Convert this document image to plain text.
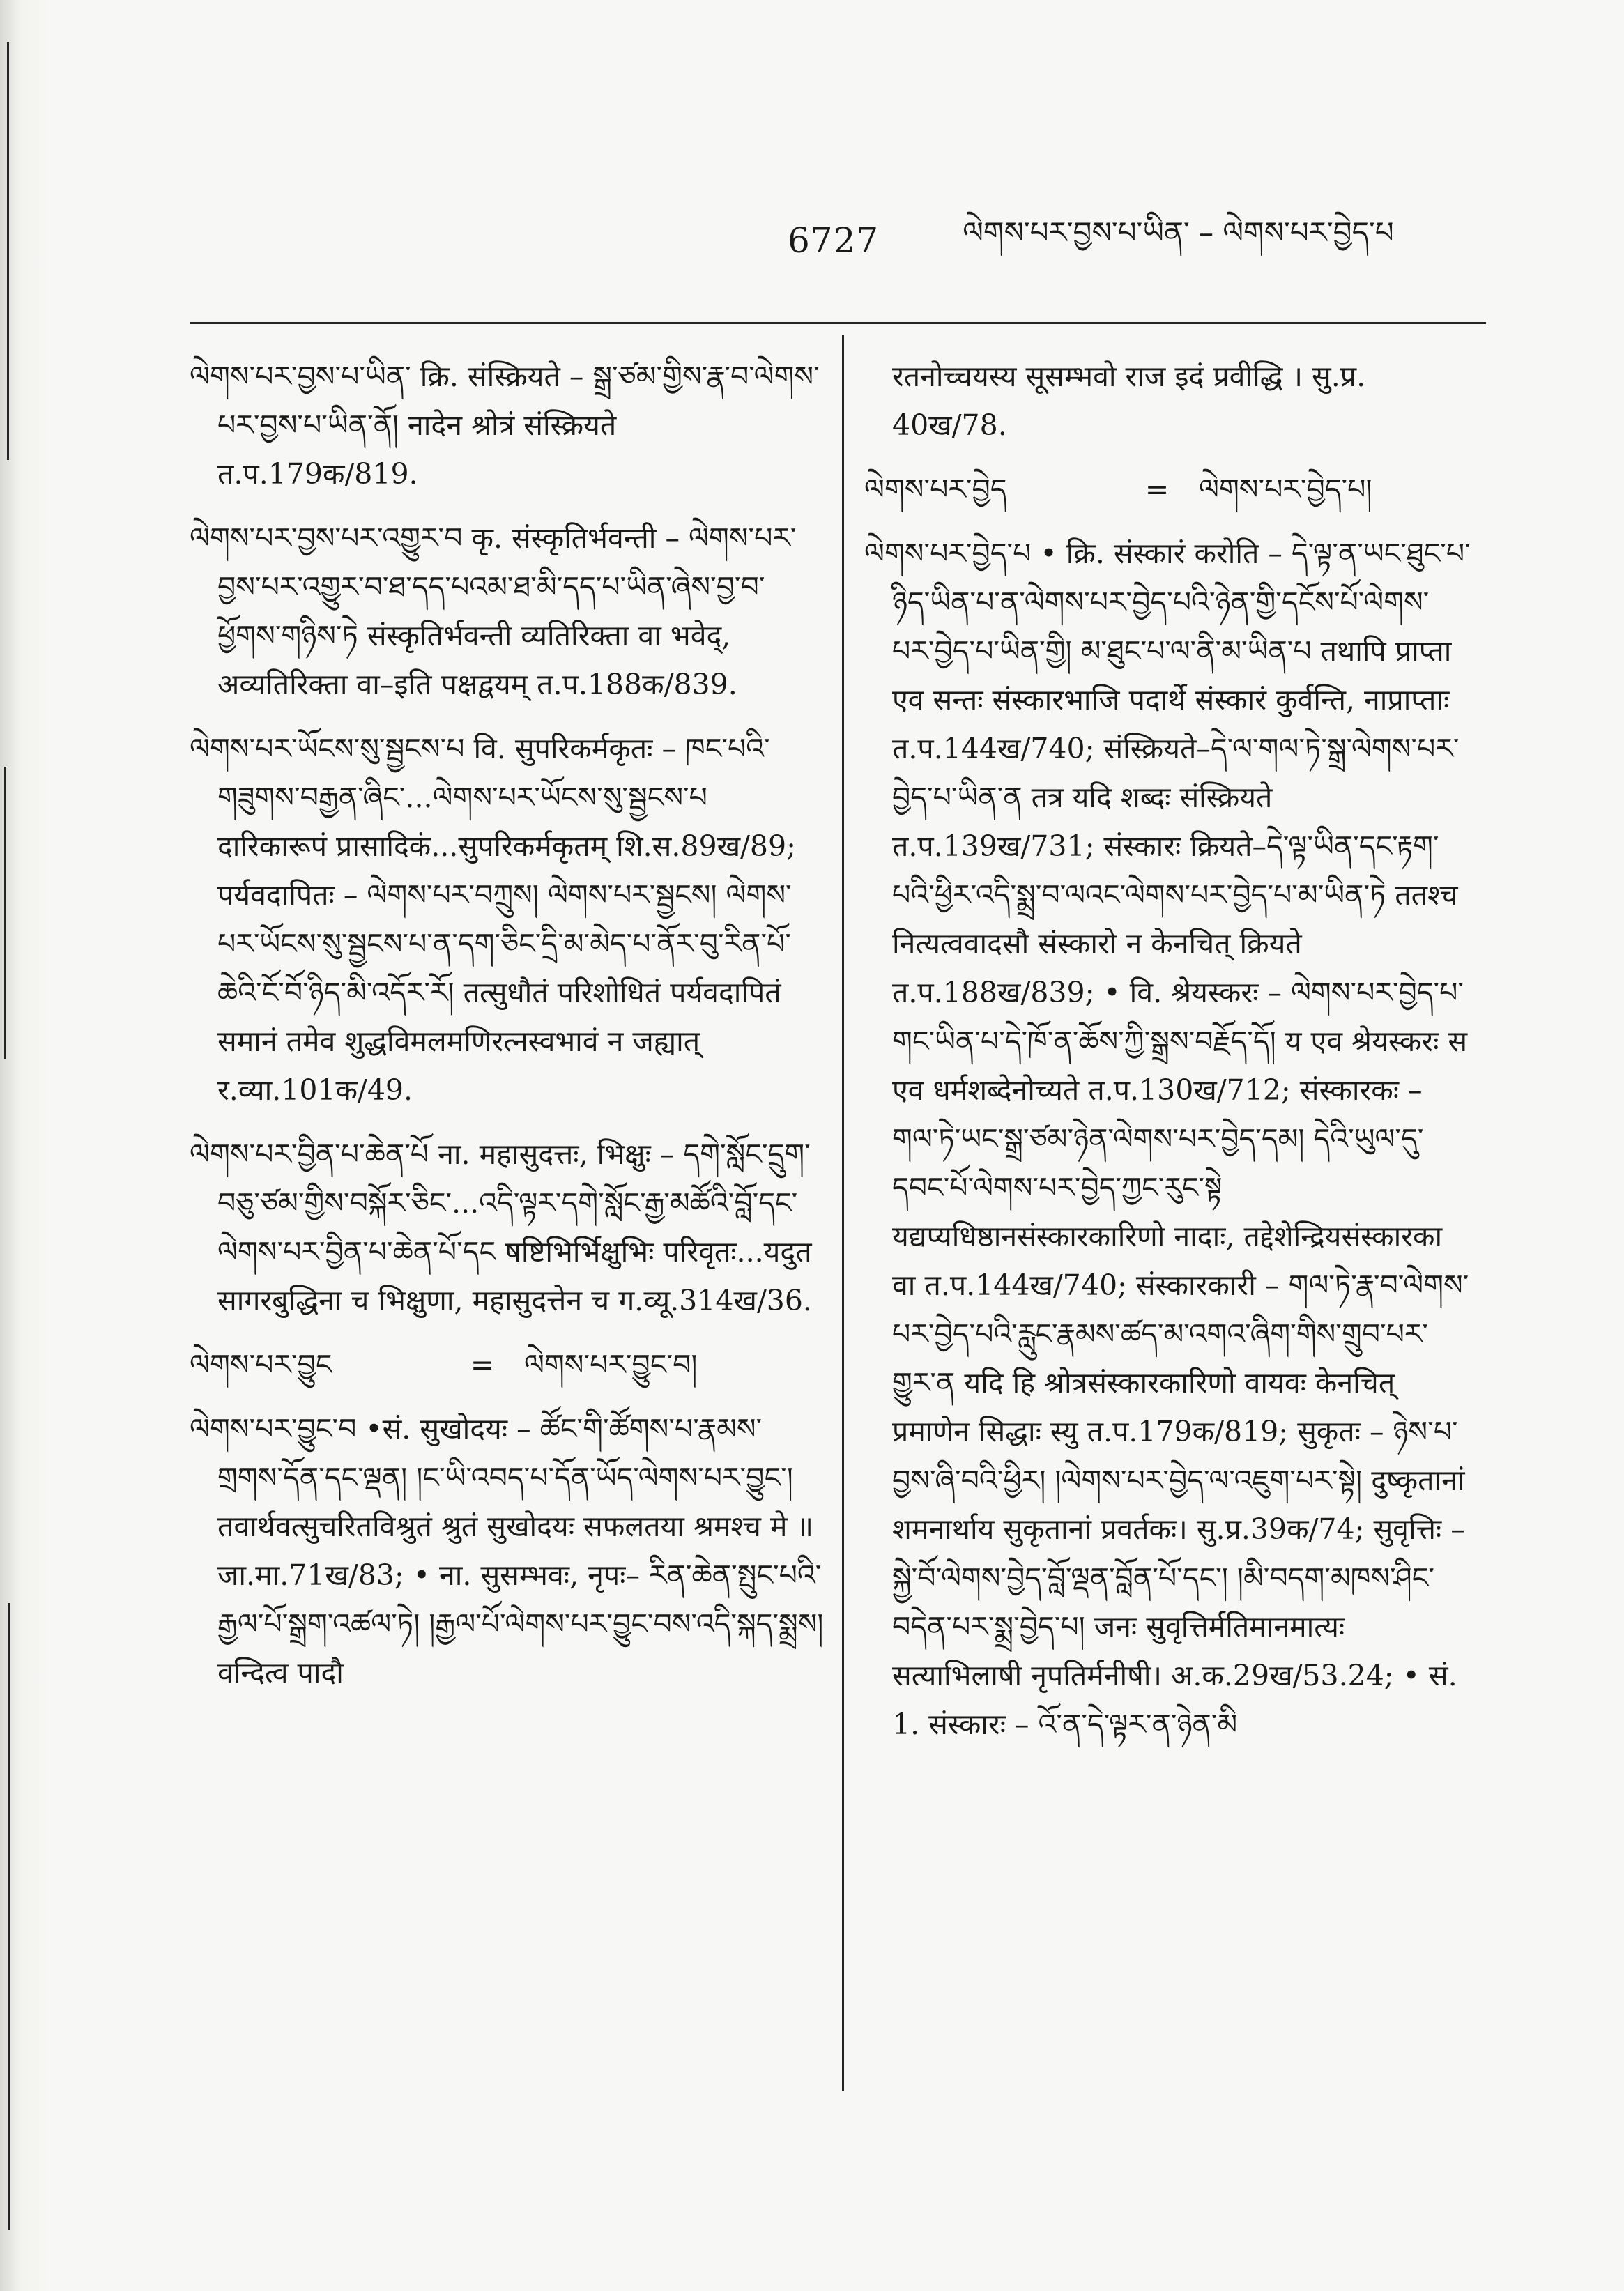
6727	ལེགས་པར་བྱས་པ་ཡིན་ – ལེགས་པར་བྱེད་པ
ལེགས་པར་བྱས་པ་ཡིན་ क्रि. संस्क्रियते – སྒྲ་ཙམ་གྱིས་རྣ་བ་ལེགས་པར་བྱས་པ་ཡིན་ནོ། नादेन श्रोत्रं संस्क्रियते त.प.179क/819.
ལེགས་པར་བྱས་པར་འགྱུར་བ कृ. संस्कृतिर्भवन्ती – ལེགས་པར་བྱས་པར་འགྱུར་བ་ཐ་དད་པའམ་ཐ་མི་དད་པ་ཡིན་ཞེས་བྱ་བ་ཕྱོགས་གཉིས་ཏེ संस्कृतिर्भवन्ती व्यतिरिक्ता वा भवेद्, अव्यतिरिक्ता वा–इति पक्षद्वयम् त.प.188क/839.
ལེགས་པར་ཡོངས་སུ་སྦྱངས་པ वि. सुपरिकर्मकृतः – ཁང་པའི་གཟུགས་བརྒྱན་ཞིང་...ལེགས་པར་ཡོངས་སུ་སྦྱངས་པ दारिकारूपं प्रासादिकं...सुपरिकर्मकृतम् शि.स.89ख/89; पर्यवदापितः – ལེགས་པར་བཀྲུས། ལེགས་པར་སྦྱངས། ལེགས་པར་ཡོངས་སུ་སྦྱངས་པ་ན་དག་ཅིང་དྲི་མ་མེད་པ་ནོར་བུ་རིན་པོ་ཆེའི་ངོ་བོ་ཉིད་མི་འདོར་རོ། तत्सुधौतं परिशोधितं पर्यवदापितं समानं तमेव शुद्धविमलमणिरत्नस्वभावं न जह्यात् र.व्या.101क/49.
ལེགས་པར་བྱིན་པ་ཆེན་པོ ना. महासुदत्तः, भिक्षुः – དགེ་སློང་དྲུག་བཅུ་ཙམ་གྱིས་བསྐོར་ཅིང་...འདི་ལྟར་དགེ་སློང་རྒྱ་མཚོའི་བློ་དང་ལེགས་པར་བྱིན་པ་ཆེན་པོ་དང षष्टिभिर्भिक्षुभिः परिवृतः...यदुत सागरबुद्धिना च भिक्षुणा, महासुदत्तेन च ग.व्यू.314ख/36.
ལེགས་པར་བྱུང	=	ལེགས་པར་བྱུང་བ།
ལེགས་པར་བྱུང་བ •सं. सुखोदयः – ཚོང་གི་ཚོགས་པ་རྣམས་གྲགས་དོན་དང་ལྡན། །ང་ཡི་འབད་པ་དོན་ཡོད་ལེགས་པར་བྱུང་། तवार्थवत्सुचरितविश्रुतं श्रुतं सुखोदयः सफलतया श्रमश्च मे ॥ जा.मा.71ख/83; • ना. सुसम्भवः, नृपः– རིན་ཆེན་སྤུང་པའི་རྒྱལ་པོ་སྒྲག་འཚལ་ཏེ། །རྒྱལ་པོ་ལེགས་པར་བྱུང་བས་འདི་སྐད་སྨྲས། वन्दित्व पादौ
रतनोच्चयस्य सूसम्भवो राज इदं प्रवीद्धि । सु.प्र. 40ख/78.
ལེགས་པར་བྱེད	=	ལེགས་པར་བྱེད་པ།
ལེགས་པར་བྱེད་པ • क्रि. संस्कारं करोति – དེ་ལྟ་ན་ཡང་ཐུང་པ་ཉིད་ཡིན་པ་ན་ལེགས་པར་བྱེད་པའི་ཉེན་གྱི་དངོས་པོ་ལེགས་པར་བྱེད་པ་ཡིན་གྱི། མ་ཐུང་པ་ལ་ནི་མ་ཡིན་པ तथापि प्राप्ता एव सन्तः संस्कारभाजि पदार्थे संस्कारं कुर्वन्ति, नाप्राप्ताः त.प.144ख/740; संस्क्रियते–དེ་ལ་གལ་ཏེ་སྒྲ་ལེགས་པར་བྱེད་པ་ཡིན་ན तत्र यदि शब्दः संस्क्रियते त.प.139ख/731; संस्कारः क्रियते–དེ་ལྟ་ཡིན་དང་རྟག་པའི་ཕྱིར་འདི་སྨྲ་བ་ལའང་ལེགས་པར་བྱེད་པ་མ་ཡིན་ཏེ ततश्च नित्यत्ववादसौ संस्कारो न केनचित् क्रियते त.प.188ख/839; • वि. श्रेयस्करः – ལེགས་པར་བྱེད་པ་གང་ཡིན་པ་དེ་ཁོ་ན་ཆོས་ཀྱི་སྒྲས་བརྗོད་དོ། य एव श्रेयस्करः स एव धर्मशब्देनोच्यते त.प.130ख/712; संस्कारकः – གལ་ཏེ་ཡང་སྒྲ་ཙམ་ཉེན་ལེགས་པར་བྱེད་དམ། དེའི་ཡུལ་དུ་དབང་པོ་ལེགས་པར་བྱེད་ཀྱང་རུང་སྟེ यद्यप्यधिष्ठानसंस्कारकारिणो नादाः, तद्देशेन्द्रियसंस्कारका वा त.प.144ख/740; संस्कारकारी – གལ་ཏེ་རྣ་བ་ལེགས་པར་བྱེད་པའི་རླུང་རྣམས་ཚད་མ་འགའ་ཞིག་གིས་གྲུབ་པར་གྱུར་ན यदि हि श्रोत्रसंस्कारकारिणो वायवः केनचित् प्रमाणेन सिद्धाः स्यु त.प.179क/819; सुकृतः – ཉེས་པ་བྱས་ཞི་བའི་ཕྱིར། །ལེགས་པར་བྱེད་ལ་འཇུག་པར་སྟེ། दुष्कृतानां शमनार्थाय सुकृतानां प्रवर्तकः। सु.प्र.39क/74; सुवृत्तिः – སྐྱེ་བོ་ལེགས་བྱེད་བློ་ལྡན་བློན་པོ་དང་། །མི་བདག་མཁས་ཤིང་བདེན་པར་སྨྲ་བྱེད་པ། जनः सुवृत्तिर्मतिमानमात्यः सत्याभिलाषी नृपतिर्मनीषी। अ.क.29ख/53.24; • सं. 1. संस्कारः – འོ་ན་དེ་ལྟར་ན་ཉེན་མི
